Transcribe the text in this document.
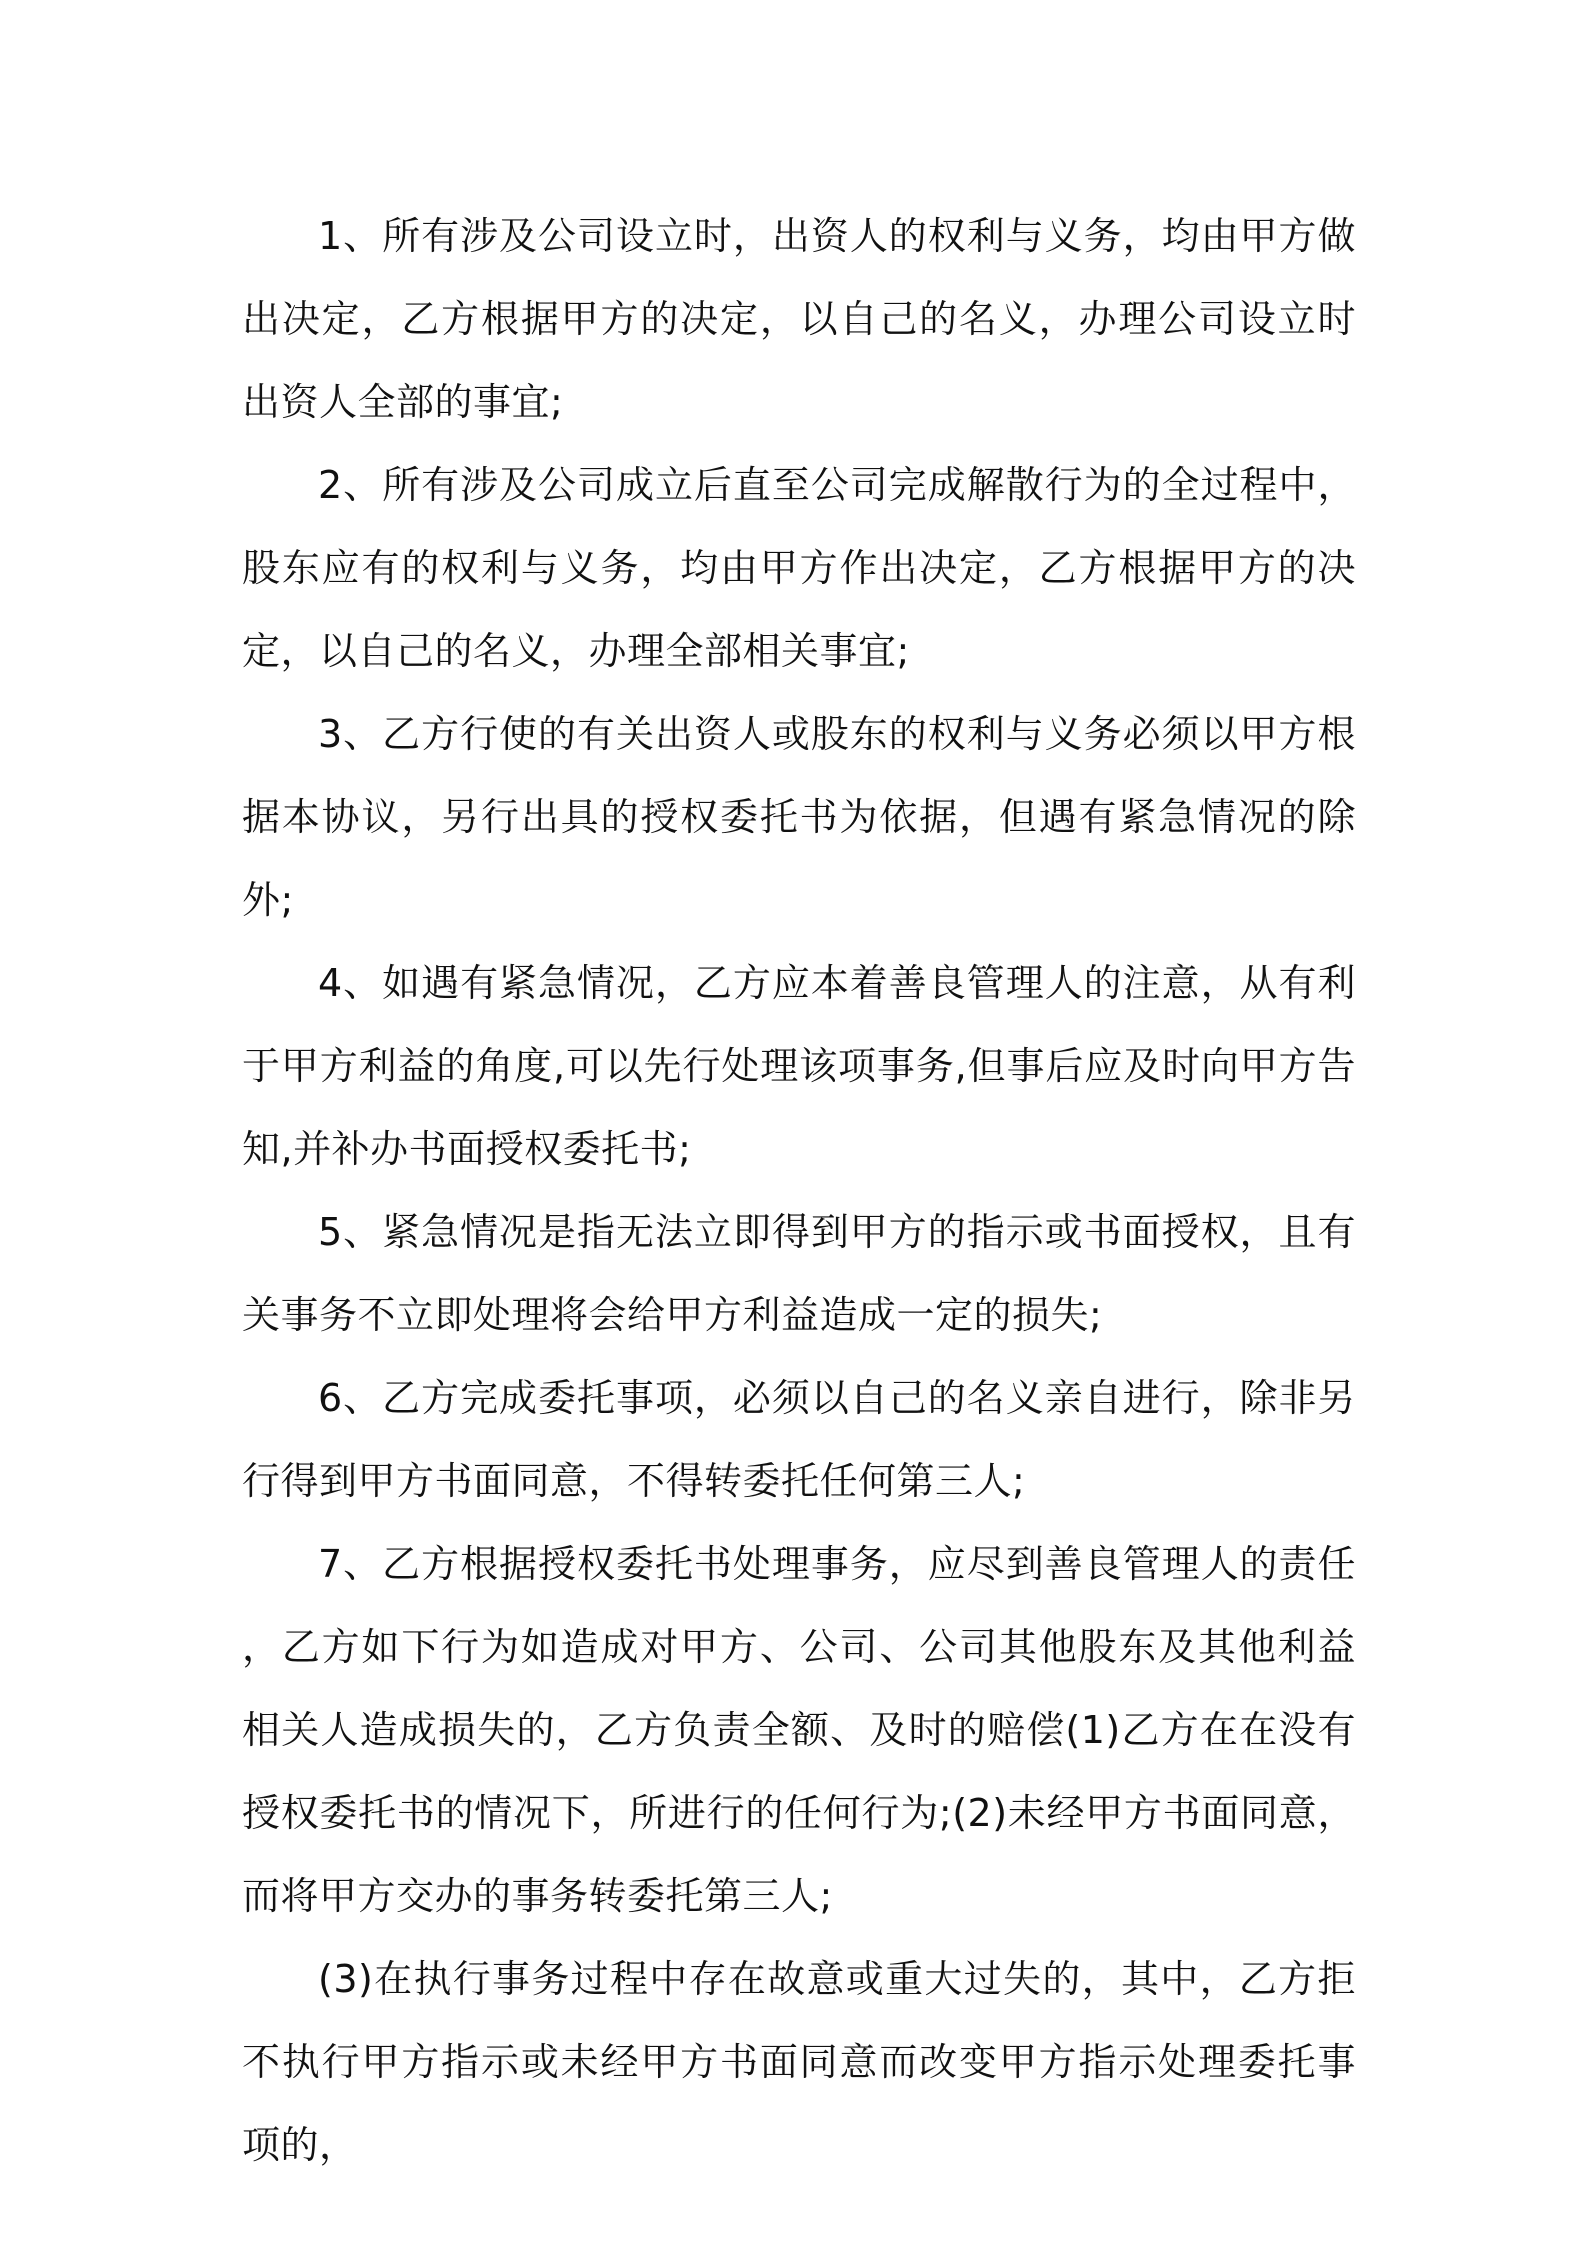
1、所有涉及公司设立时，出资人的权利与义务，均由甲方做出决定，乙方根据甲方的决定，以自己的名义，办理公司设立时出资人全部的事宜;

2、所有涉及公司成立后直至公司完成解散行为的全过程中，股东应有的权利与义务，均由甲方作出决定，乙方根据甲方的决定，以自己的名义，办理全部相关事宜;

3、乙方行使的有关出资人或股东的权利与义务必须以甲方根据本协议，另行出具的授权委托书为依据，但遇有紧急情况的除外;

4、如遇有紧急情况，乙方应本着善良管理人的注意，从有利于甲方利益的角度,可以先行处理该项事务,但事后应及时向甲方告知,并补办书面授权委托书;

5、紧急情况是指无法立即得到甲方的指示或书面授权，且有关事务不立即处理将会给甲方利益造成一定的损失;

6、乙方完成委托事项，必须以自己的名义亲自进行，除非另行得到甲方书面同意，不得转委托任何第三人;

7、乙方根据授权委托书处理事务，应尽到善良管理人的责任，乙方如下行为如造成对甲方、公司、公司其他股东及其他利益相关人造成损失的，乙方负责全额、及时的赔偿(1)乙方在在没有授权委托书的情况下，所进行的任何行为;(2)未经甲方书面同意，而将甲方交办的事务转委托第三人;

(3)在执行事务过程中存在故意或重大过失的，其中，乙方拒不执行甲方指示或未经甲方书面同意而改变甲方指示处理委托事项的，
